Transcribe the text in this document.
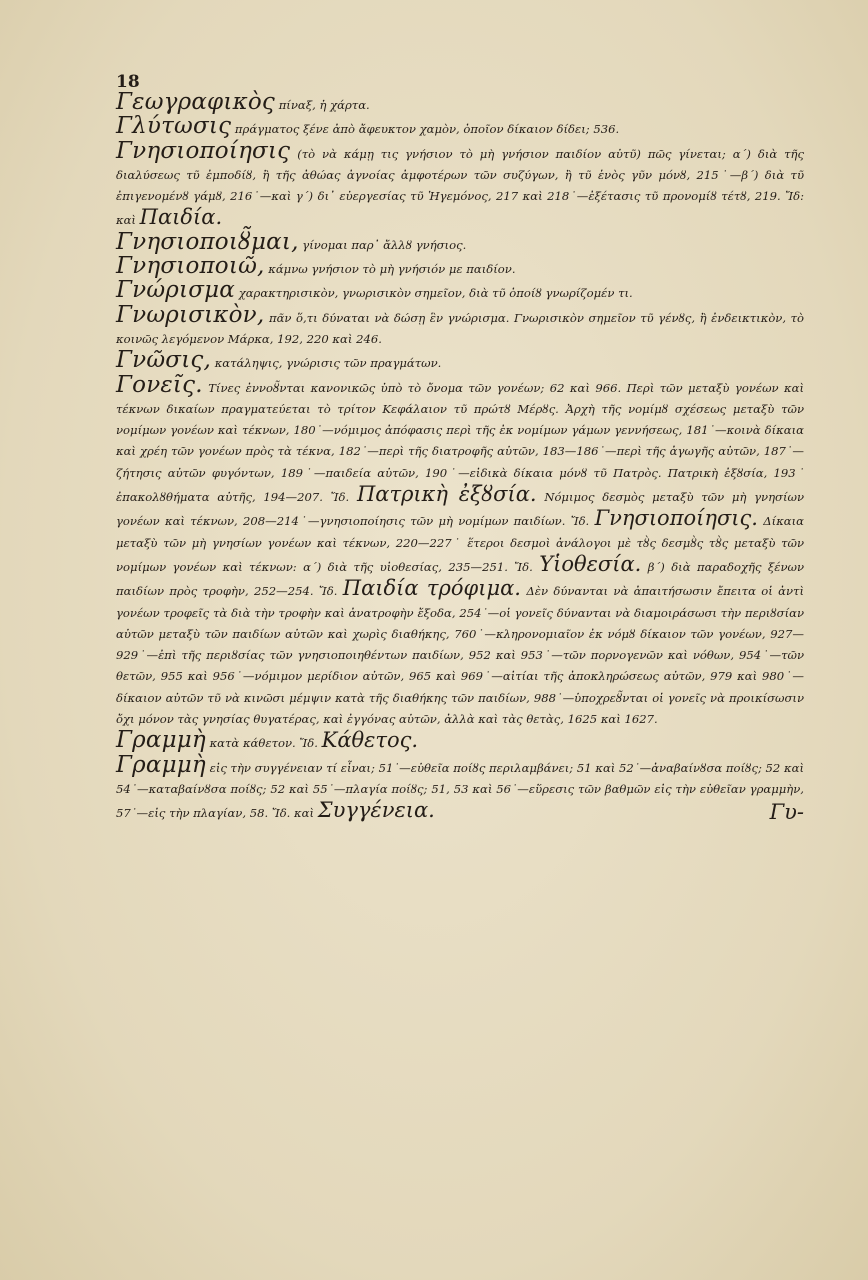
18

Γεωγραφικὸς πίναξ, ἡ χάρτα.

Γλύτωσις πράγματος ξένε ἀπὸ ἄφευκτον χαμὸν, ὁποῖον δίκαιον δίδει; 536.

Γνησιοποίησις (τὸ νὰ κάμῃ τις γνήσιον τὸ μὴ γνήσιον παιδίον αὐτῦ) πῶς γίνεται; α΄) διὰ τῆς διαλύσεως τῦ ἐμποδίȣ, ἢ τῆς ἀθώας ἀγνοίας ἀμφοτέρων τῶν συζύγων, ἢ τῦ ἑνὸς γῦν μόνȣ, 215˙—β΄) διὰ τῦ ἐπιγενομένȣ γάμȣ, 216˙—καὶ γ΄) δι᾽ εὐεργεσίας τῦ Ἡγεμόνος, 217 καὶ 218˙—ἐξέτασις τῦ προνομίȣ τέτȣ, 219. Ἴδ: καὶ Παιδία.

Γνησιοποιȣ̃μαι, γίνομαι παρ᾽ ἄλλȣ γνήσιος.

Γνησιοποιῶ, κάμνω γνήσιον τὸ μὴ γνήσιόν με παιδίον.

Γνώρισμα χαρακτηρισικὸν, γνωρισικὸν σημεῖον, διὰ τῦ ὁποίȣ γνωρίζομέν τι.

Γνωρισικὸν, πᾶν ὅ,τι δύναται νὰ δώσῃ ἓν γνώρισμα. Γνωρισικὸν σημεῖον τῦ γένȣς, ἢ ἐνδεικτικὸν, τὸ κοινῶς λεγόμενον Μάρκα, 192, 220 καὶ 246.

Γνῶσις, κατάληψις, γνώρισις τῶν πραγμάτων.

Γονεῖς. Τίνες ἐννοȣ̃νται κανονικῶς ὑπὸ τὸ ὄνομα τῶν γονέων; 62 καὶ 966. Περὶ τῶν μεταξὺ γονέων καὶ τέκνων δικαίων πραγματεύεται τὸ τρίτον Κεφάλαιον τῦ πρώτȣ Μέρȣς. Ἀρχὴ τῆς νομίμȣ σχέσεως μεταξὺ τῶν νομίμων γονέων καὶ τέκνων, 180˙—νόμιμος ἀπόφασις περὶ τῆς ἐκ νομίμων γάμων γεννήσεως, 181˙—κοινὰ δίκαια καὶ χρέη τῶν γονέων πρὸς τὰ τέκνα, 182˙—περὶ τῆς διατροφῆς αὐτῶν, 183—186˙—περὶ τῆς ἀγωγῆς αὐτῶν, 187˙—ζήτησις αὐτῶν φυγόντων, 189˙—παιδεία αὐτῶν, 190˙—εἰδικὰ δίκαια μόνȣ τῦ Πατρὸς. Πατρικὴ ἐξȣσία, 193˙ ἐπακολȣθήματα αὐτῆς, 194—207. Ἴδ. Πατρικὴ ἐξȣσία. Νόμιμος δεσμὸς μεταξὺ τῶν μὴ γνησίων γονέων καὶ τέκνων, 208—214˙—γνησιοποίησις τῶν μὴ νομίμων παιδίων. Ἴδ. Γνησιοποίησις. Δίκαια μεταξὺ τῶν μὴ γνησίων γονέων καὶ τέκνων, 220—227˙ ἕτεροι δεσμοὶ ἀνάλογοι μὲ τȣ̀ς δεσμȣ̀ς τȣ̀ς μεταξὺ τῶν νομίμων γονέων καὶ τέκνων: α΄) διὰ τῆς υἱοθεσίας, 235—251. Ἴδ. Υἱοθεσία. β΄) διὰ παραδοχῆς ξένων παιδίων πρὸς τροφὴν, 252—254. Ἴδ. Παιδία τρόφιμα. Δὲν δύνανται νὰ ἀπαιτήσωσιν ἔπειτα οἱ ἀντὶ γονέων τροφεῖς τὰ διὰ τὴν τροφὴν καὶ ἀνατροφὴν ἔξοδα, 254˙—οἱ γονεῖς δύνανται νὰ διαμοιράσωσι τὴν περιȣσίαν αὐτῶν μεταξὺ τῶν παιδίων αὐτῶν καὶ χωρὶς διαθήκης, 760˙—κληρονομιαῖον ἐκ νόμȣ δίκαιον τῶν γονέων, 927—929˙—ἐπὶ τῆς περιȣσίας τῶν γνησιοποιηθέντων παιδίων, 952 καὶ 953˙—τῶν πορνογενῶν καὶ νόθων, 954˙—τῶν θετῶν, 955 καὶ 956˙—νόμιμον μερίδιον αὐτῶν, 965 καὶ 969˙—αἰτίαι τῆς ἀποκληρώσεως αὐτῶν, 979 καὶ 980˙—δίκαιον αὐτῶν τῦ νὰ κινῶσι μέμψιν κατὰ τῆς διαθήκης τῶν παιδίων, 988˙—ὑποχρεȣ̃νται οἱ γονεῖς νὰ προικίσωσιν ὄχι μόνον τὰς γνησίας θυγατέρας, καὶ ἐγγόνας αὐτῶν, ἀλλὰ καὶ τὰς θετὰς, 1625 καὶ 1627.

Γραμμὴ κατὰ κάθετον. Ἴδ. Κάθετος.

Γραμμὴ εἰς τὴν συγγένειαν τί εἶναι; 51˙—εὐθεῖα ποίȣς περιλαμβάνει; 51 καὶ 52˙—ἀναβαίνȣσα ποίȣς; 52 καὶ 54˙—καταβαίνȣσα ποίȣς; 52 καὶ 55˙—πλαγία ποίȣς; 51, 53 καὶ 56˙—εὕρεσις τῶν βαθμῶν εἰς τὴν εὐθεῖαν γραμμὴν, 57˙—εἰς τὴν πλαγίαν, 58. Ἴδ. καὶ Συγγένεια.	Γυ-
